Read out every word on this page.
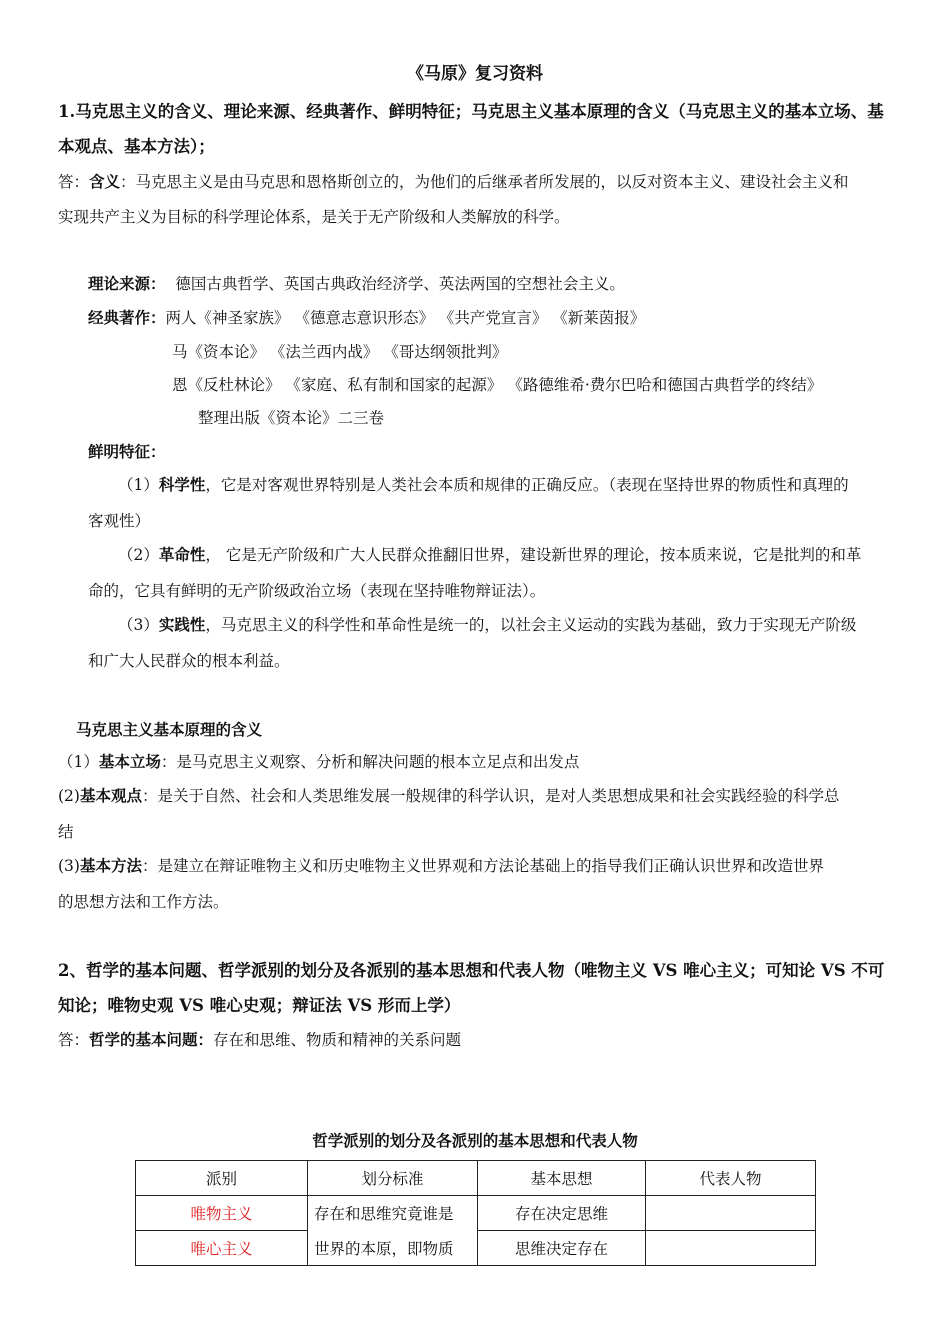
《马原》复习资料
1.马克思主义的含义、理论来源、经典著作、鲜明特征；马克思主义基本原理的含义（马克思主义的基本立场、基
本观点、基本方法）；
答：含义：马克思主义是由马克思和恩格斯创立的，为他们的后继承者所发展的，以反对资本主义、建设社会主义和
实现共产主义为目标的科学理论体系，是关于无产阶级和人类解放的科学。
理论来源： 德国古典哲学、英国古典政治经济学、英法两国的空想社会主义。
经典著作：两人《神圣家族》 《德意志意识形态》 《共产党宣言》 《新莱茵报》
马《资本论》 《法兰西内战》 《哥达纲领批判》
恩《反杜林论》 《家庭、私有制和国家的起源》 《路德维希·费尔巴哈和德国古典哲学的终结》
整理出版《资本论》二三卷
鲜明特征：
（1）科学性，它是对客观世界特别是人类社会本质和规律的正确反应。（表现在坚持世界的物质性和真理的
客观性）
（2）革命性， 它是无产阶级和广大人民群众推翻旧世界，建设新世界的理论，按本质来说，它是批判的和革
命的，它具有鲜明的无产阶级政治立场（表现在坚持唯物辩证法）。
（3）实践性，马克思主义的科学性和革命性是统一的，以社会主义运动的实践为基础，致力于实现无产阶级
和广大人民群众的根本利益。
马克思主义基本原理的含义
（1）基本立场：是马克思主义观察、分析和解决问题的根本立足点和出发点
(2)基本观点：是关于自然、社会和人类思维发展一般规律的科学认识，是对人类思想成果和社会实践经验的科学总
结
(3)基本方法：是建立在辩证唯物主义和历史唯物主义世界观和方法论基础上的指导我们正确认识世界和改造世界
的思想方法和工作方法。
2、哲学的基本问题、哲学派别的划分及各派别的基本思想和代表人物（唯物主义 VS 唯心主义；可知论 VS 不可
知论；唯物史观 VS 唯心史观；辩证法 VS 形而上学）
答：哲学的基本问题：存在和思维、物质和精神的关系问题
哲学派别的划分及各派别的基本思想和代表人物
派别	划分标准	基本思想	代表人物
唯物主义	存在和思维究竟谁是	存在决定思维	
唯心主义	世界的本原，即物质	思维决定存在	
